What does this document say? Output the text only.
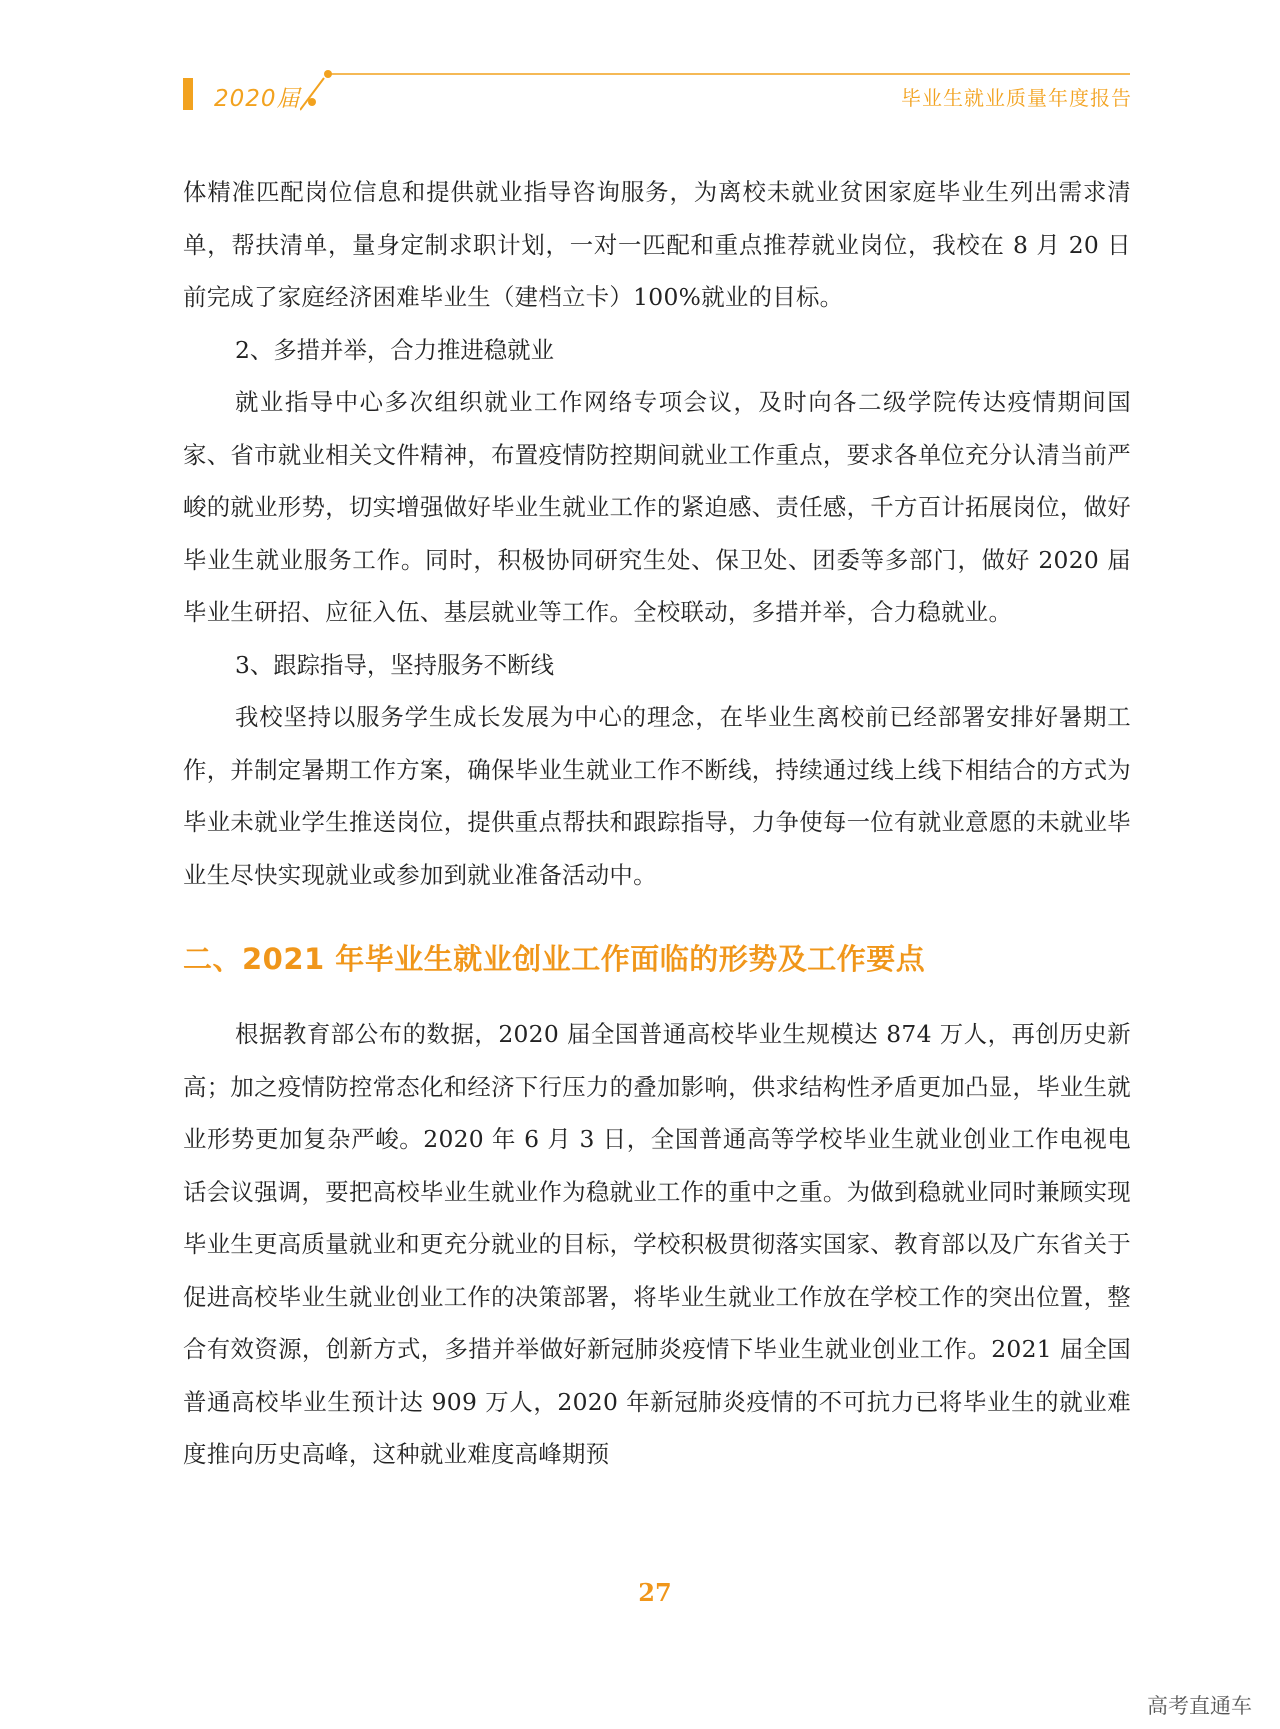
2020届	毕业生就业质量年度报告

体精准匹配岗位信息和提供就业指导咨询服务，为离校未就业贫困家庭毕业生列出需求清单，帮扶清单，量身定制求职计划，一对一匹配和重点推荐就业岗位，我校在 8 月 20 日前完成了家庭经济困难毕业生（建档立卡）100%就业的目标。

2、多措并举，合力推进稳就业

就业指导中心多次组织就业工作网络专项会议，及时向各二级学院传达疫情期间国家、省市就业相关文件精神，布置疫情防控期间就业工作重点，要求各单位充分认清当前严峻的就业形势，切实增强做好毕业生就业工作的紧迫感、责任感，千方百计拓展岗位，做好毕业生就业服务工作。同时，积极协同研究生处、保卫处、团委等多部门，做好 2020 届毕业生研招、应征入伍、基层就业等工作。全校联动，多措并举，合力稳就业。

3、跟踪指导，坚持服务不断线

我校坚持以服务学生成长发展为中心的理念，在毕业生离校前已经部署安排好暑期工作，并制定暑期工作方案，确保毕业生就业工作不断线，持续通过线上线下相结合的方式为毕业未就业学生推送岗位，提供重点帮扶和跟踪指导，力争使每一位有就业意愿的未就业毕业生尽快实现就业或参加到就业准备活动中。

二、2021 年毕业生就业创业工作面临的形势及工作要点

根据教育部公布的数据，2020 届全国普通高校毕业生规模达 874 万人，再创历史新高；加之疫情防控常态化和经济下行压力的叠加影响，供求结构性矛盾更加凸显，毕业生就业形势更加复杂严峻。2020 年 6 月 3 日，全国普通高等学校毕业生就业创业工作电视电话会议强调，要把高校毕业生就业作为稳就业工作的重中之重。为做到稳就业同时兼顾实现毕业生更高质量就业和更充分就业的目标，学校积极贯彻落实国家、教育部以及广东省关于促进高校毕业生就业创业工作的决策部署，将毕业生就业工作放在学校工作的突出位置，整合有效资源，创新方式，多措并举做好新冠肺炎疫情下毕业生就业创业工作。2021 届全国普通高校毕业生预计达 909 万人，2020 年新冠肺炎疫情的不可抗力已将毕业生的就业难度推向历史高峰，这种就业难度高峰期预

27
高考直通车
